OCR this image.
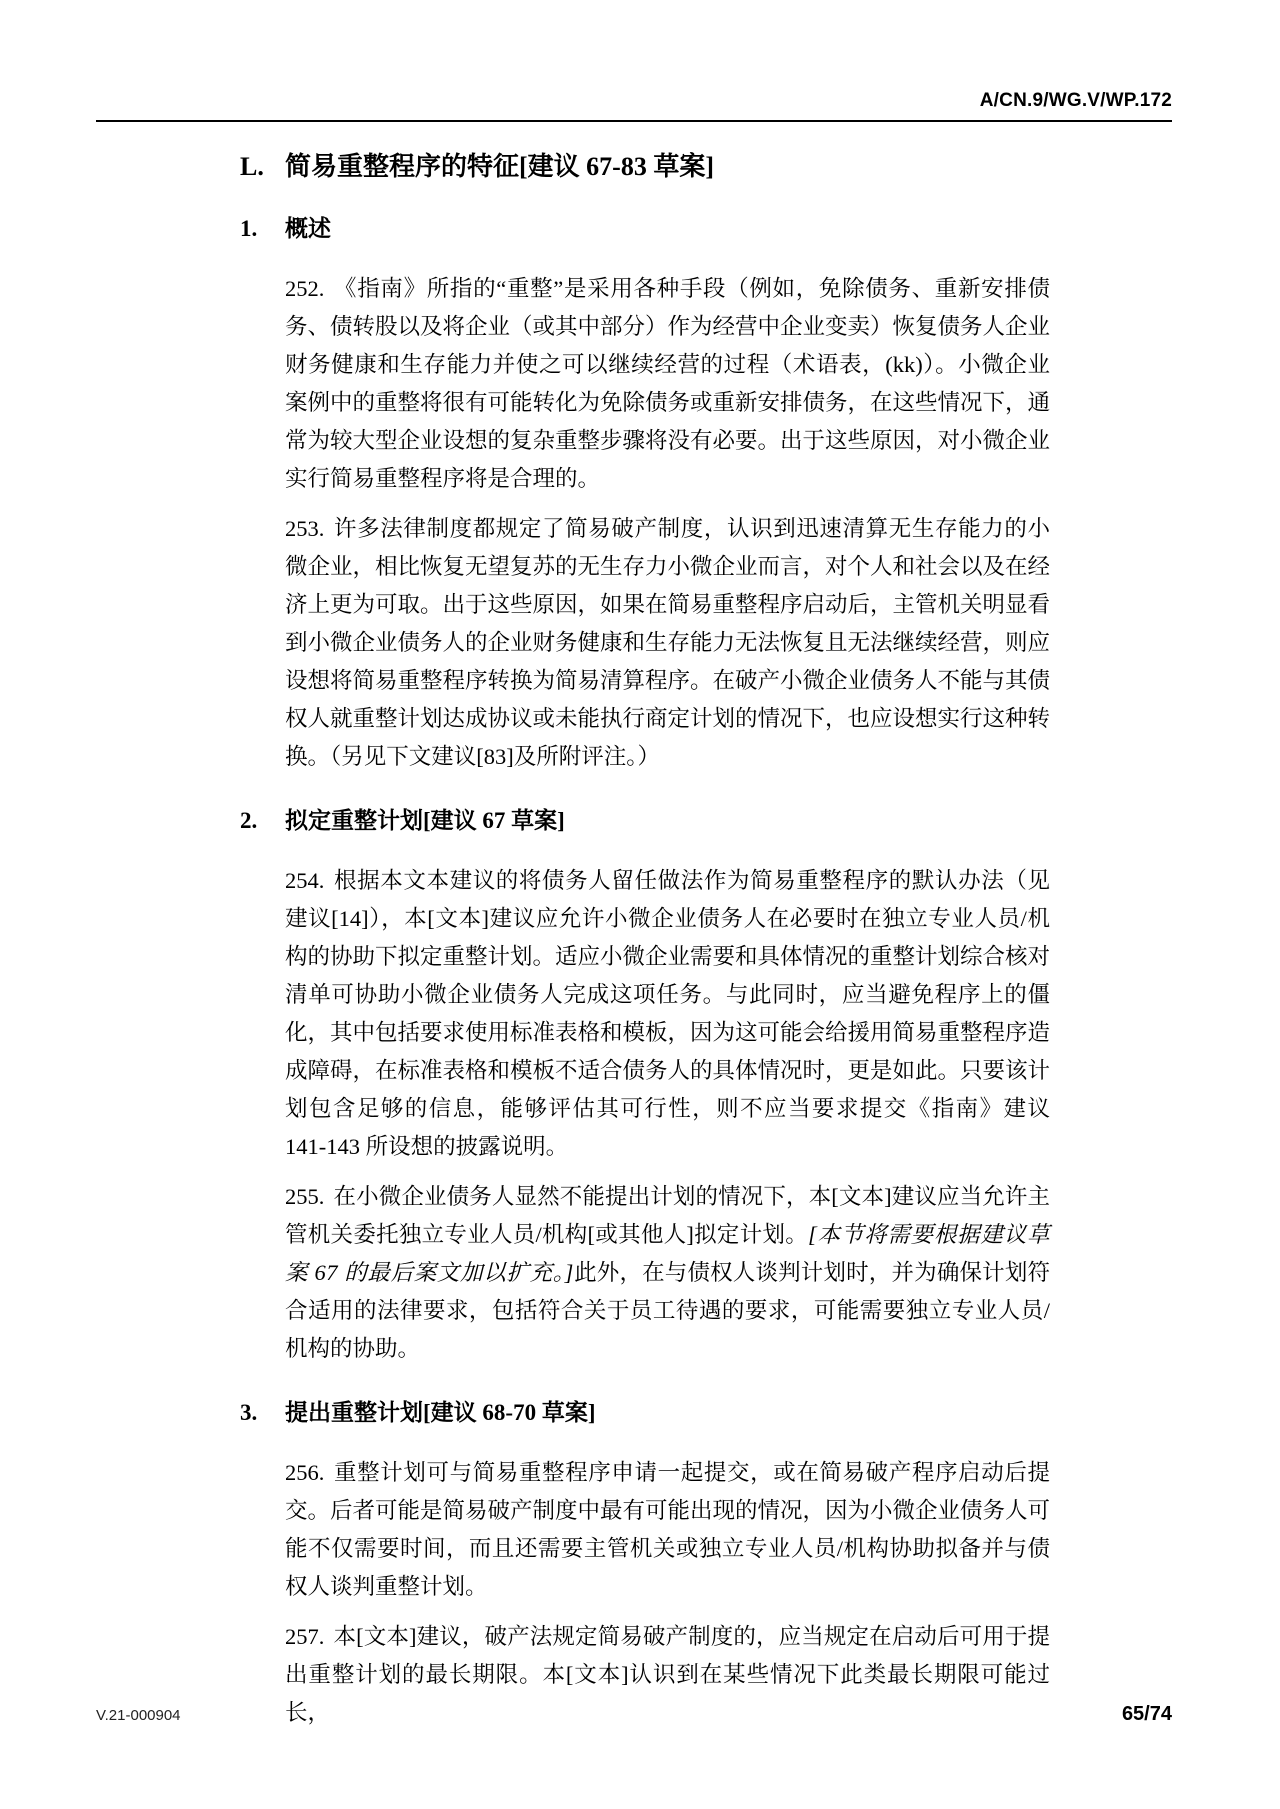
A/CN.9/WG.V/WP.172
L. 简易重整程序的特征[建议 67-83 草案]
1.	概述

252. 《指南》所指的“重整”是采用各种手段（例如，免除债务、重新安排债务、债转股以及将企业（或其中部分）作为经营中企业变卖）恢复债务人企业财务健康和生存能力并使之可以继续经营的过程（术语表，(kk)）。小微企业案例中的重整将很有可能转化为免除债务或重新安排债务，在这些情况下，通常为较大型企业设想的复杂重整步骤将没有必要。出于这些原因，对小微企业实行简易重整程序将是合理的。

253. 许多法律制度都规定了简易破产制度，认识到迅速清算无生存能力的小微企业，相比恢复无望复苏的无生存力小微企业而言，对个人和社会以及在经济上更为可取。出于这些原因，如果在简易重整程序启动后，主管机关明显看到小微企业债务人的企业财务健康和生存能力无法恢复且无法继续经营，则应设想将简易重整程序转换为简易清算程序。在破产小微企业债务人不能与其债权人就重整计划达成协议或未能执行商定计划的情况下，也应设想实行这种转换。（另见下文建议[83]及所附评注。）

2.	拟定重整计划[建议 67 草案]

254. 根据本文本建议的将债务人留任做法作为简易重整程序的默认办法（见建议[14]），本[文本]建议应允许小微企业债务人在必要时在独立专业人员/机构的协助下拟定重整计划。适应小微企业需要和具体情况的重整计划综合核对清单可协助小微企业债务人完成这项任务。与此同时，应当避免程序上的僵化，其中包括要求使用标准表格和模板，因为这可能会给援用简易重整程序造成障碍，在标准表格和模板不适合债务人的具体情况时，更是如此。只要该计划包含足够的信息，能够评估其可行性，则不应当要求提交《指南》建议 141-143 所设想的披露说明。

255. 在小微企业债务人显然不能提出计划的情况下，本[文本]建议应当允许主管机关委托独立专业人员/机构[或其他人]拟定计划。[本节将需要根据建议草案 67 的最后案文加以扩充。]此外，在与债权人谈判计划时，并为确保计划符合适用的法律要求，包括符合关于员工待遇的要求，可能需要独立专业人员/机构的协助。

3.	提出重整计划[建议 68-70 草案]

256. 重整计划可与简易重整程序申请一起提交，或在简易破产程序启动后提交。后者可能是简易破产制度中最有可能出现的情况，因为小微企业债务人可能不仅需要时间，而且还需要主管机关或独立专业人员/机构协助拟备并与债权人谈判重整计划。

257. 本[文本]建议，破产法规定简易破产制度的，应当规定在启动后可用于提出重整计划的最长期限。本[文本]认识到在某些情况下此类最长期限可能过长，

V.21-000904	65/74
